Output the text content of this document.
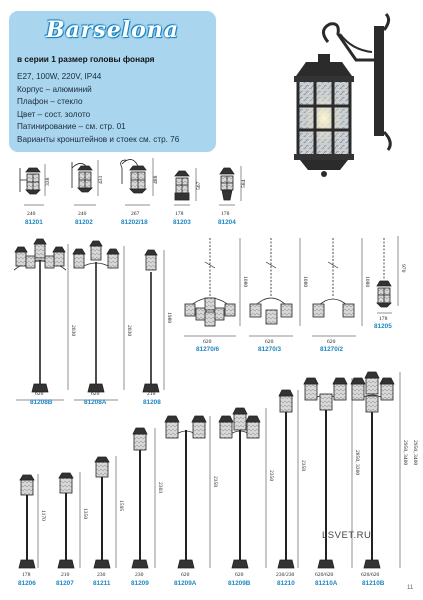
Barselona
в серии 1 размер головы фонаря
E27, 100W, 220V, IP44
Корпус – алюминий
Плафон – стекло
Цвет – сост. золото
Патинирование – см. стр. 01
Варианты кронштейнов и стоек см. стр. 76
240
81201
338
240
81202
431
267
81202/18
488
178
81203
567
178
81204
584
620
81208B
2030
620
81208A
2030
210
81208
1980
620
81270/6
1080
620
81270/3
1080
620
81270/2
1080
178
81205
970
178
81206
1170
210
81207
1350
230
81211
1595
230
81209
2303
620
81209A
2350
620
81209B
2350
230/230
81210
2350
620/620
81210A
2850, 3300
620/620
81210B
2950, 3400 2950, 3400
LSVET.RU
11
